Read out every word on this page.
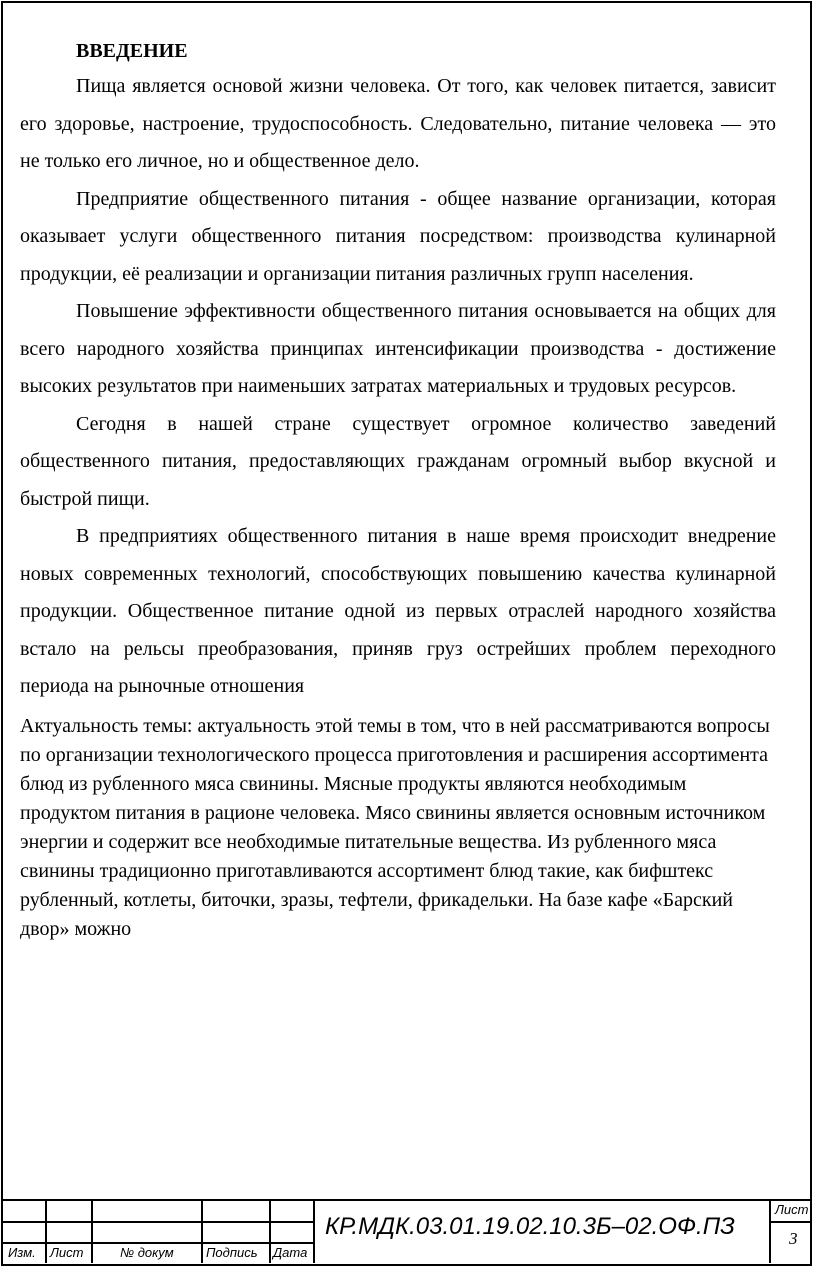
ВВЕДЕНИЕ

Пища является основой жизни человека. От того, как человек питается, зависит его здоровье, настроение, трудоспособность. Следовательно, питание человека — это не только его личное, но и общественное дело.

Предприятие общественного питания - общее название организации, которая оказывает услуги общественного питания посредством: производства кулинарной продукции, её реализации и организации питания различных групп населения.

Повышение эффективности общественного питания основывается на общих для всего народного хозяйства принципах интенсификации производства - достижение высоких результатов при наименьших затратах материальных и трудовых ресурсов.

Сегодня в нашей стране существует огромное количество заведений общественного питания, предоставляющих гражданам огромный выбор вкусной и быстрой пищи.

В предприятиях общественного питания в наше время происходит внедрение новых современных технологий, способствующих повышению качества кулинарной продукции. Общественное питание одной из первых отраслей народного хозяйства встало на рельсы преобразования, приняв груз острейших проблем переходного периода на рыночные отношения

Актуальность темы: актуальность этой темы в том, что в ней рассматриваются вопросы по организации технологического процесса приготовления и расширения ассортимента блюд из рубленного мяса свинины. Мясные продукты являются необходимым продуктом питания в рационе человека. Мясо свинины является основным источником энергии и содержит все необходимые питательные вещества. Из рубленного мяса свинины традиционно приготавливаются ассортимент блюд такие, как бифштекс рубленный, котлеты, биточки, зразы, тефтели, фрикадельки. На базе кафе «Барский двор» можно

Изм. Лист	№ докум Подпись Дата
КР.МДК.03.01.19.02.10.3Б–02.ОФ.ПЗ
Лист
3
